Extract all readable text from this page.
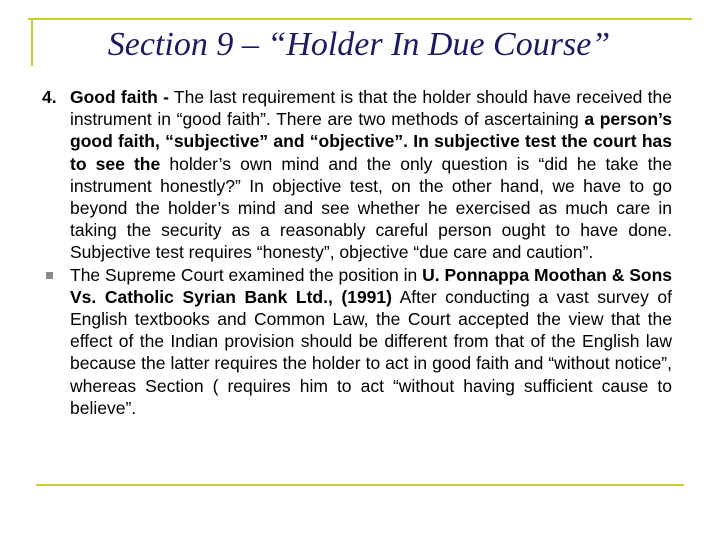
Section 9 – “Holder In Due Course”
4. Good faith - The last requirement is that the holder should have received the instrument in “good faith”. There are two methods of ascertaining a person’s good faith, “subjective” and “objective”. In subjective test the court has to see the holder’s own mind and the only question is “did he take the instrument honestly?” In objective test, on the other hand, we have to go beyond the holder’s mind and see whether he exercised as much care in taking the security as a reasonably careful person ought to have done. Subjective test requires “honesty”, objective “due care and caution”.
The Supreme Court examined the position in U. Ponnappa Moothan & Sons Vs. Catholic Syrian Bank Ltd., (1991) After conducting a vast survey of English textbooks and Common Law, the Court accepted the view that the effect of the Indian provision should be different from that of the English law because the latter requires the holder to act in good faith and “without notice”, whereas Section ( requires him to act “without having sufficient cause to believe”.
